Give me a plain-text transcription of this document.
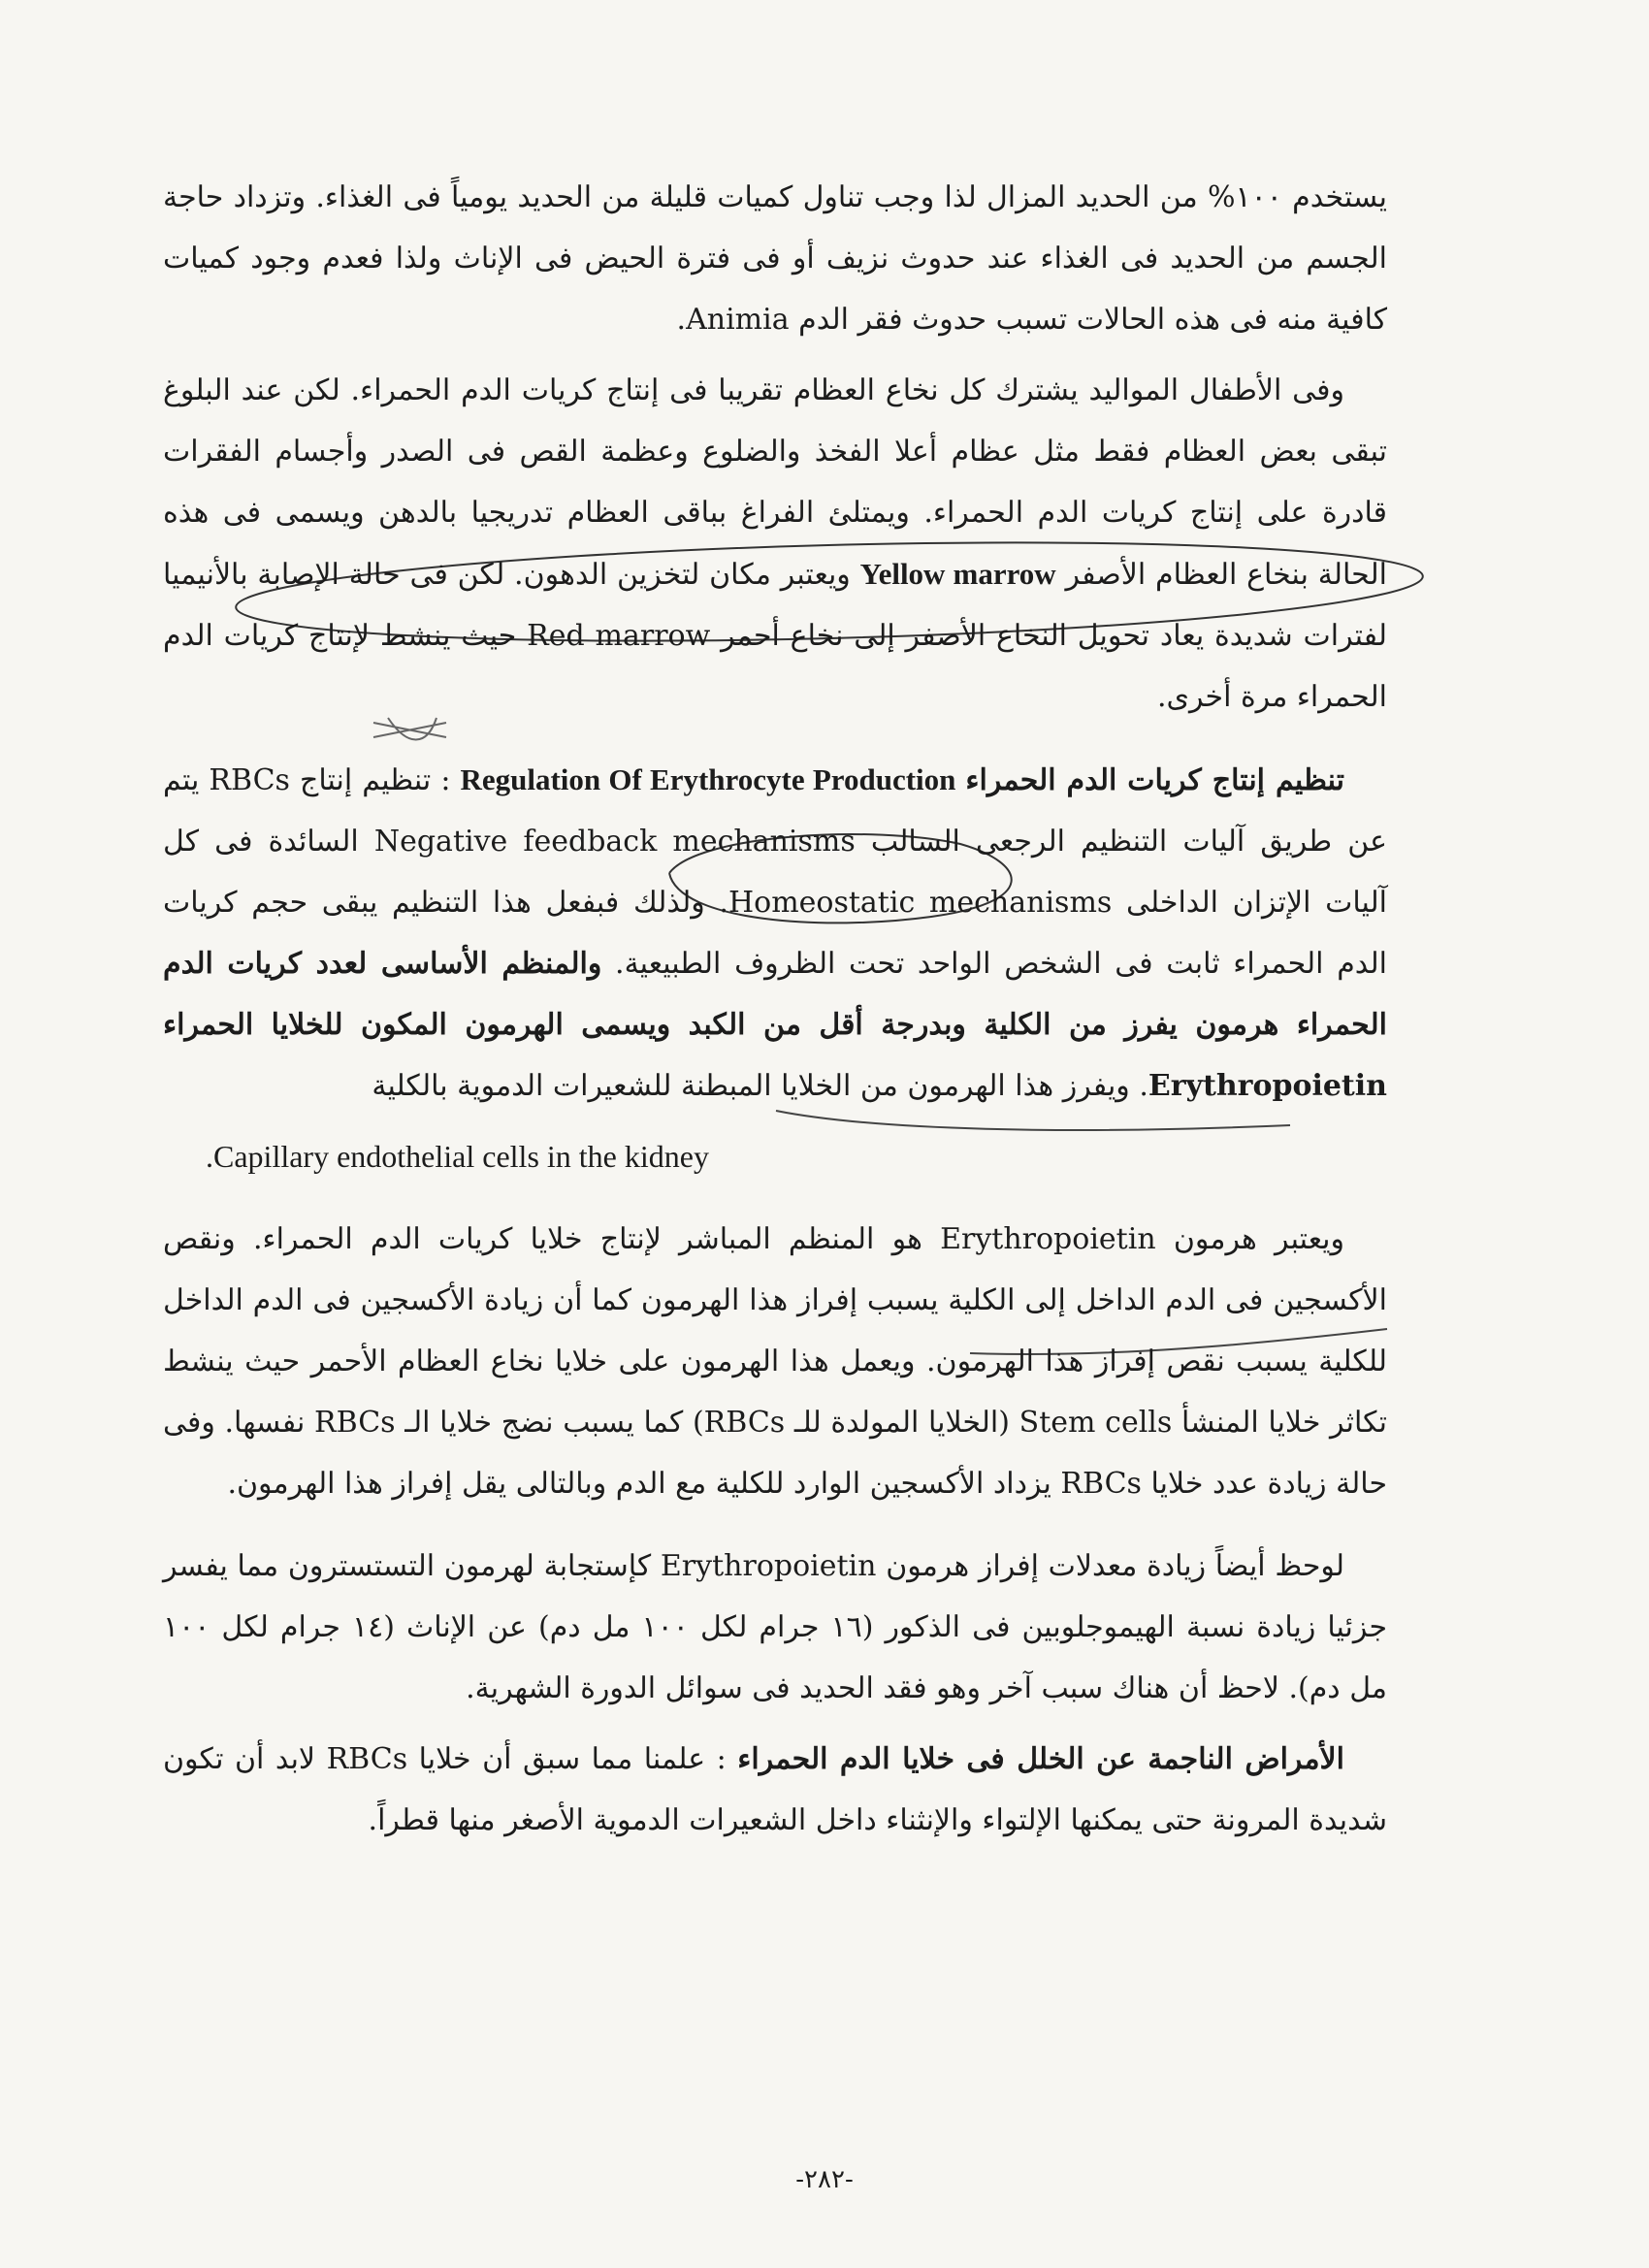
يستخدم ١٠٠% من الحديد المزال لذا وجب تناول كميات قليلة من الحديد يومياً فى الغذاء. وتزداد حاجة الجسم من الحديد فى الغذاء عند حدوث نزيف أو فى فترة الحيض فى الإناث ولذا فعدم وجود كميات كافية منه فى هذه الحالات تسبب حدوث فقر الدم Animia.

وفى الأطفال المواليد يشترك كل نخاع العظام تقريبا فى إنتاج كريات الدم الحمراء. لكن عند البلوغ تبقى بعض العظام فقط مثل عظام أعلا الفخذ والضلوع وعظمة القص فى الصدر وأجسام الفقرات قادرة على إنتاج كريات الدم الحمراء. ويمتلئ الفراغ بباقى العظام تدريجيا بالدهن ويسمى فى هذه الحالة بنخاع العظام الأصفر Yellow marrow ويعتبر مكان لتخزين الدهون. لكن فى حالة الإصابة بالأنيميا لفترات شديدة يعاد تحويل النخاع الأصفر إلى نخاع أحمر Red marrow حيث ينشط لإنتاج كريات الدم الحمراء مرة أخرى.

تنظيم إنتاج كريات الدم الحمراء Regulation Of Erythrocyte Production : تنظيم إنتاج RBCs يتم عن طريق آليات التنظيم الرجعى السالب Negative feedback mechanisms السائدة فى كل آليات الإتزان الداخلى Homeostatic mechanisms. ولذلك فبفعل هذا التنظيم يبقى حجم كريات الدم الحمراء ثابت فى الشخص الواحد تحت الظروف الطبيعية. والمنظم الأساسى لعدد كريات الدم الحمراء هرمون يفرز من الكلية وبدرجة أقل من الكبد ويسمى الهرمون المكون للخلايا الحمراء Erythropoietin. ويفرز هذا الهرمون من الخلايا المبطنة للشعيرات الدموية بالكلية

.Capillary endothelial cells in the kidney

ويعتبر هرمون Erythropoietin هو المنظم المباشر لإنتاج خلايا كريات الدم الحمراء. ونقص الأكسجين فى الدم الداخل إلى الكلية يسبب إفراز هذا الهرمون كما أن زيادة الأكسجين فى الدم الداخل للكلية يسبب نقص إفراز هذا الهرمون. ويعمل هذا الهرمون على خلايا نخاع العظام الأحمر حيث ينشط تكاثر خلايا المنشأ Stem cells (الخلايا المولدة للـ RBCs) كما يسبب نضج خلايا الـ RBCs نفسها. وفى حالة زيادة عدد خلايا RBCs يزداد الأكسجين الوارد للكلية مع الدم وبالتالى يقل إفراز هذا الهرمون.

لوحظ أيضاً زيادة معدلات إفراز هرمون Erythropoietin كإستجابة لهرمون التستسترون مما يفسر جزئيا زيادة نسبة الهيموجلوبين فى الذكور (١٦ جرام لكل ١٠٠ مل دم) عن الإناث (١٤ جرام لكل ١٠٠ مل دم). لاحظ أن هناك سبب آخر وهو فقد الحديد فى سوائل الدورة الشهرية.

الأمراض الناجمة عن الخلل فى خلايا الدم الحمراء : علمنا مما سبق أن خلايا RBCs لابد أن تكون شديدة المرونة حتى يمكنها الإلتواء والإنثناء داخل الشعيرات الدموية الأصغر منها قطراً.

-٢٨٢-
